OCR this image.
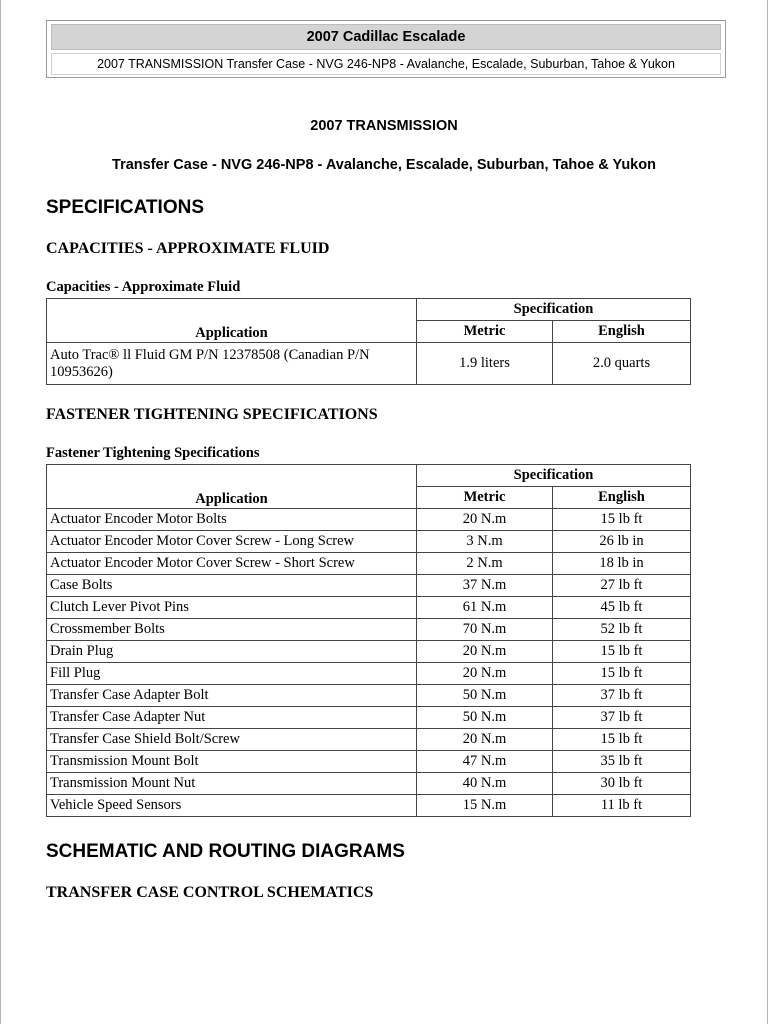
2007 Cadillac Escalade
2007 TRANSMISSION Transfer Case - NVG 246-NP8 - Avalanche, Escalade, Suburban, Tahoe & Yukon
2007 TRANSMISSION
Transfer Case - NVG 246-NP8 - Avalanche, Escalade, Suburban, Tahoe & Yukon
SPECIFICATIONS
CAPACITIES - APPROXIMATE FLUID
Capacities - Approximate Fluid
Application	Specification	
	Metric	English
Auto Trac® ll Fluid GM P/N 12378508 (Canadian P/N 10953626)	1.9 liters	2.0 quarts
FASTENER TIGHTENING SPECIFICATIONS
Fastener Tightening Specifications
Application	Specification	
	Metric	English
Actuator Encoder Motor Bolts	20 N.m	15 lb ft
Actuator Encoder Motor Cover Screw - Long Screw	3 N.m	26 lb in
Actuator Encoder Motor Cover Screw - Short Screw	2 N.m	18 lb in
Case Bolts	37 N.m	27 lb ft
Clutch Lever Pivot Pins	61 N.m	45 lb ft
Crossmember Bolts	70 N.m	52 lb ft
Drain Plug	20 N.m	15 lb ft
Fill Plug	20 N.m	15 lb ft
Transfer Case Adapter Bolt	50 N.m	37 lb ft
Transfer Case Adapter Nut	50 N.m	37 lb ft
Transfer Case Shield Bolt/Screw	20 N.m	15 lb ft
Transmission Mount Bolt	47 N.m	35 lb ft
Transmission Mount Nut	40 N.m	30 lb ft
Vehicle Speed Sensors	15 N.m	11 lb ft
SCHEMATIC AND ROUTING DIAGRAMS
TRANSFER CASE CONTROL SCHEMATICS
